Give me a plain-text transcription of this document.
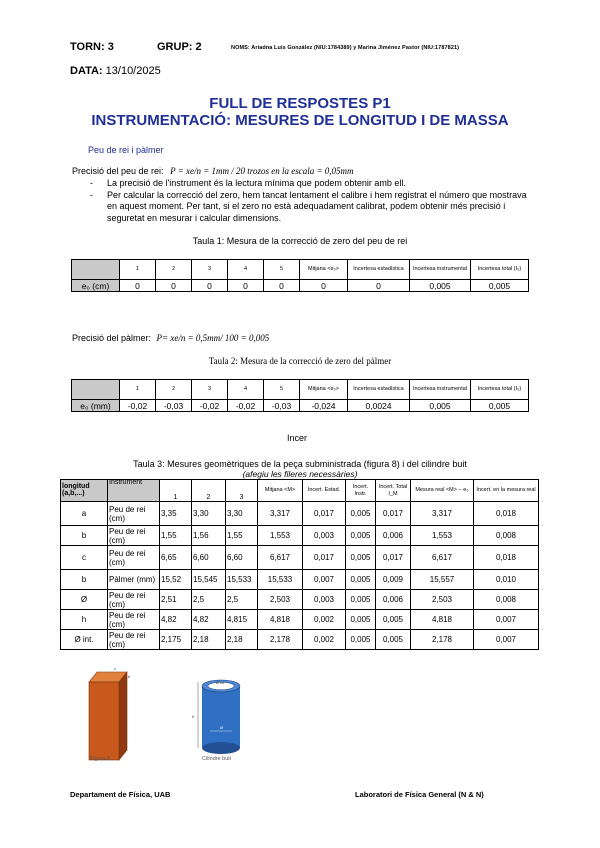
TORN: 3	GRUP: 2	NOMS: Ariadna Luis González (NIU:1784389) y Marina Jiménez Pastor (NIU:1787821)
DATA: 13/10/2025
FULL DE RESPOSTES P1
INSTRUMENTACIÓ: MESURES DE LONGITUD I DE MASSA
Peu de rei i pàlmer
Precisió del peu de rei: P = xe/n = 1mm / 20 trozos en la escala = 0,05mm
- La precisió de l'instrument és la lectura mínima que podem obtenir amb ell.
- Per calcular la correcció del zero, hem tancat lentament el calibre i hem registrat el número que mostrava en aquest moment. Per tant, si el zero no està adequadament calibrat, podem obtenir més precisió i seguretat en mesurar i calcular dimensions.
Taula 1: Mesura de la correcció de zero del peu de rei
	1	2	3	4	5	Mitjana <e₀>	Incertesa estadística	Incertesa instrumental	Incertesa total (I₀)
e₀ (cm)	0	0	0	0	0	0	0	0,005	0,005
Precisió del pàlmer: P= xe/n = 0,5mm/ 100 = 0,005
Taula 2: Mesura de la correcció de zero del pàlmer
	1	2	3	4	5	Mitjana <e₀>	Incertesa estadística	Incertesa instrumental	Incertesa total (I₀)
e₀ (mm)	-0,02	-0,03	-0,02	-0,02	-0,03	-0,024	0,0024	0,005	0,005
Incer
Taula 3: Mesures geomètriques de la peça subministrada (figura 8) i del cilindre buit
(afegiu les fileres necessàries)
longitud (a,b,...)	Instrument	1	2	3	Mitjana <M>	Incert. Estad.	Incert. Instr.	Incert. Total I_M	Mesura real <M> − e₀	Incert. en la mesura real
a	Peu de rei (cm)	3,35	3,30	3,30	3,317	0,017	0,005	0,017	3,317	0,018
b	Peu de rei (cm)	1,55	1,56	1,55	1,553	0,003	0,005	0,006	1,553	0,008
c	Peu de rei (cm)	6,65	6,60	6,60	6,617	0,017	0,005	0,017	6,617	0,018
b	Pàlmer (mm)	15,52	15,545	15,533	15,533	0,007	0,005	0,009	15,557	0,010
Ø	Peu de rei (cm)	2,51	2,5	2,5	2,503	0,003	0,005	0,006	2,503	0,008
h	Peu de rei (cm)	4,82	4,82	4,815	4,818	0,002	0,005	0,005	4,818	0,007
Ø int.	Peu de rei (cm)	2,175	2,18	2,18	2,178	0,002	0,005	0,005	2,178	0,007
c
b
Figura 8
Ø int
h
Ø
Cilindre buit
Departament de Física, UAB	Laboratori de Física General (N & N)
